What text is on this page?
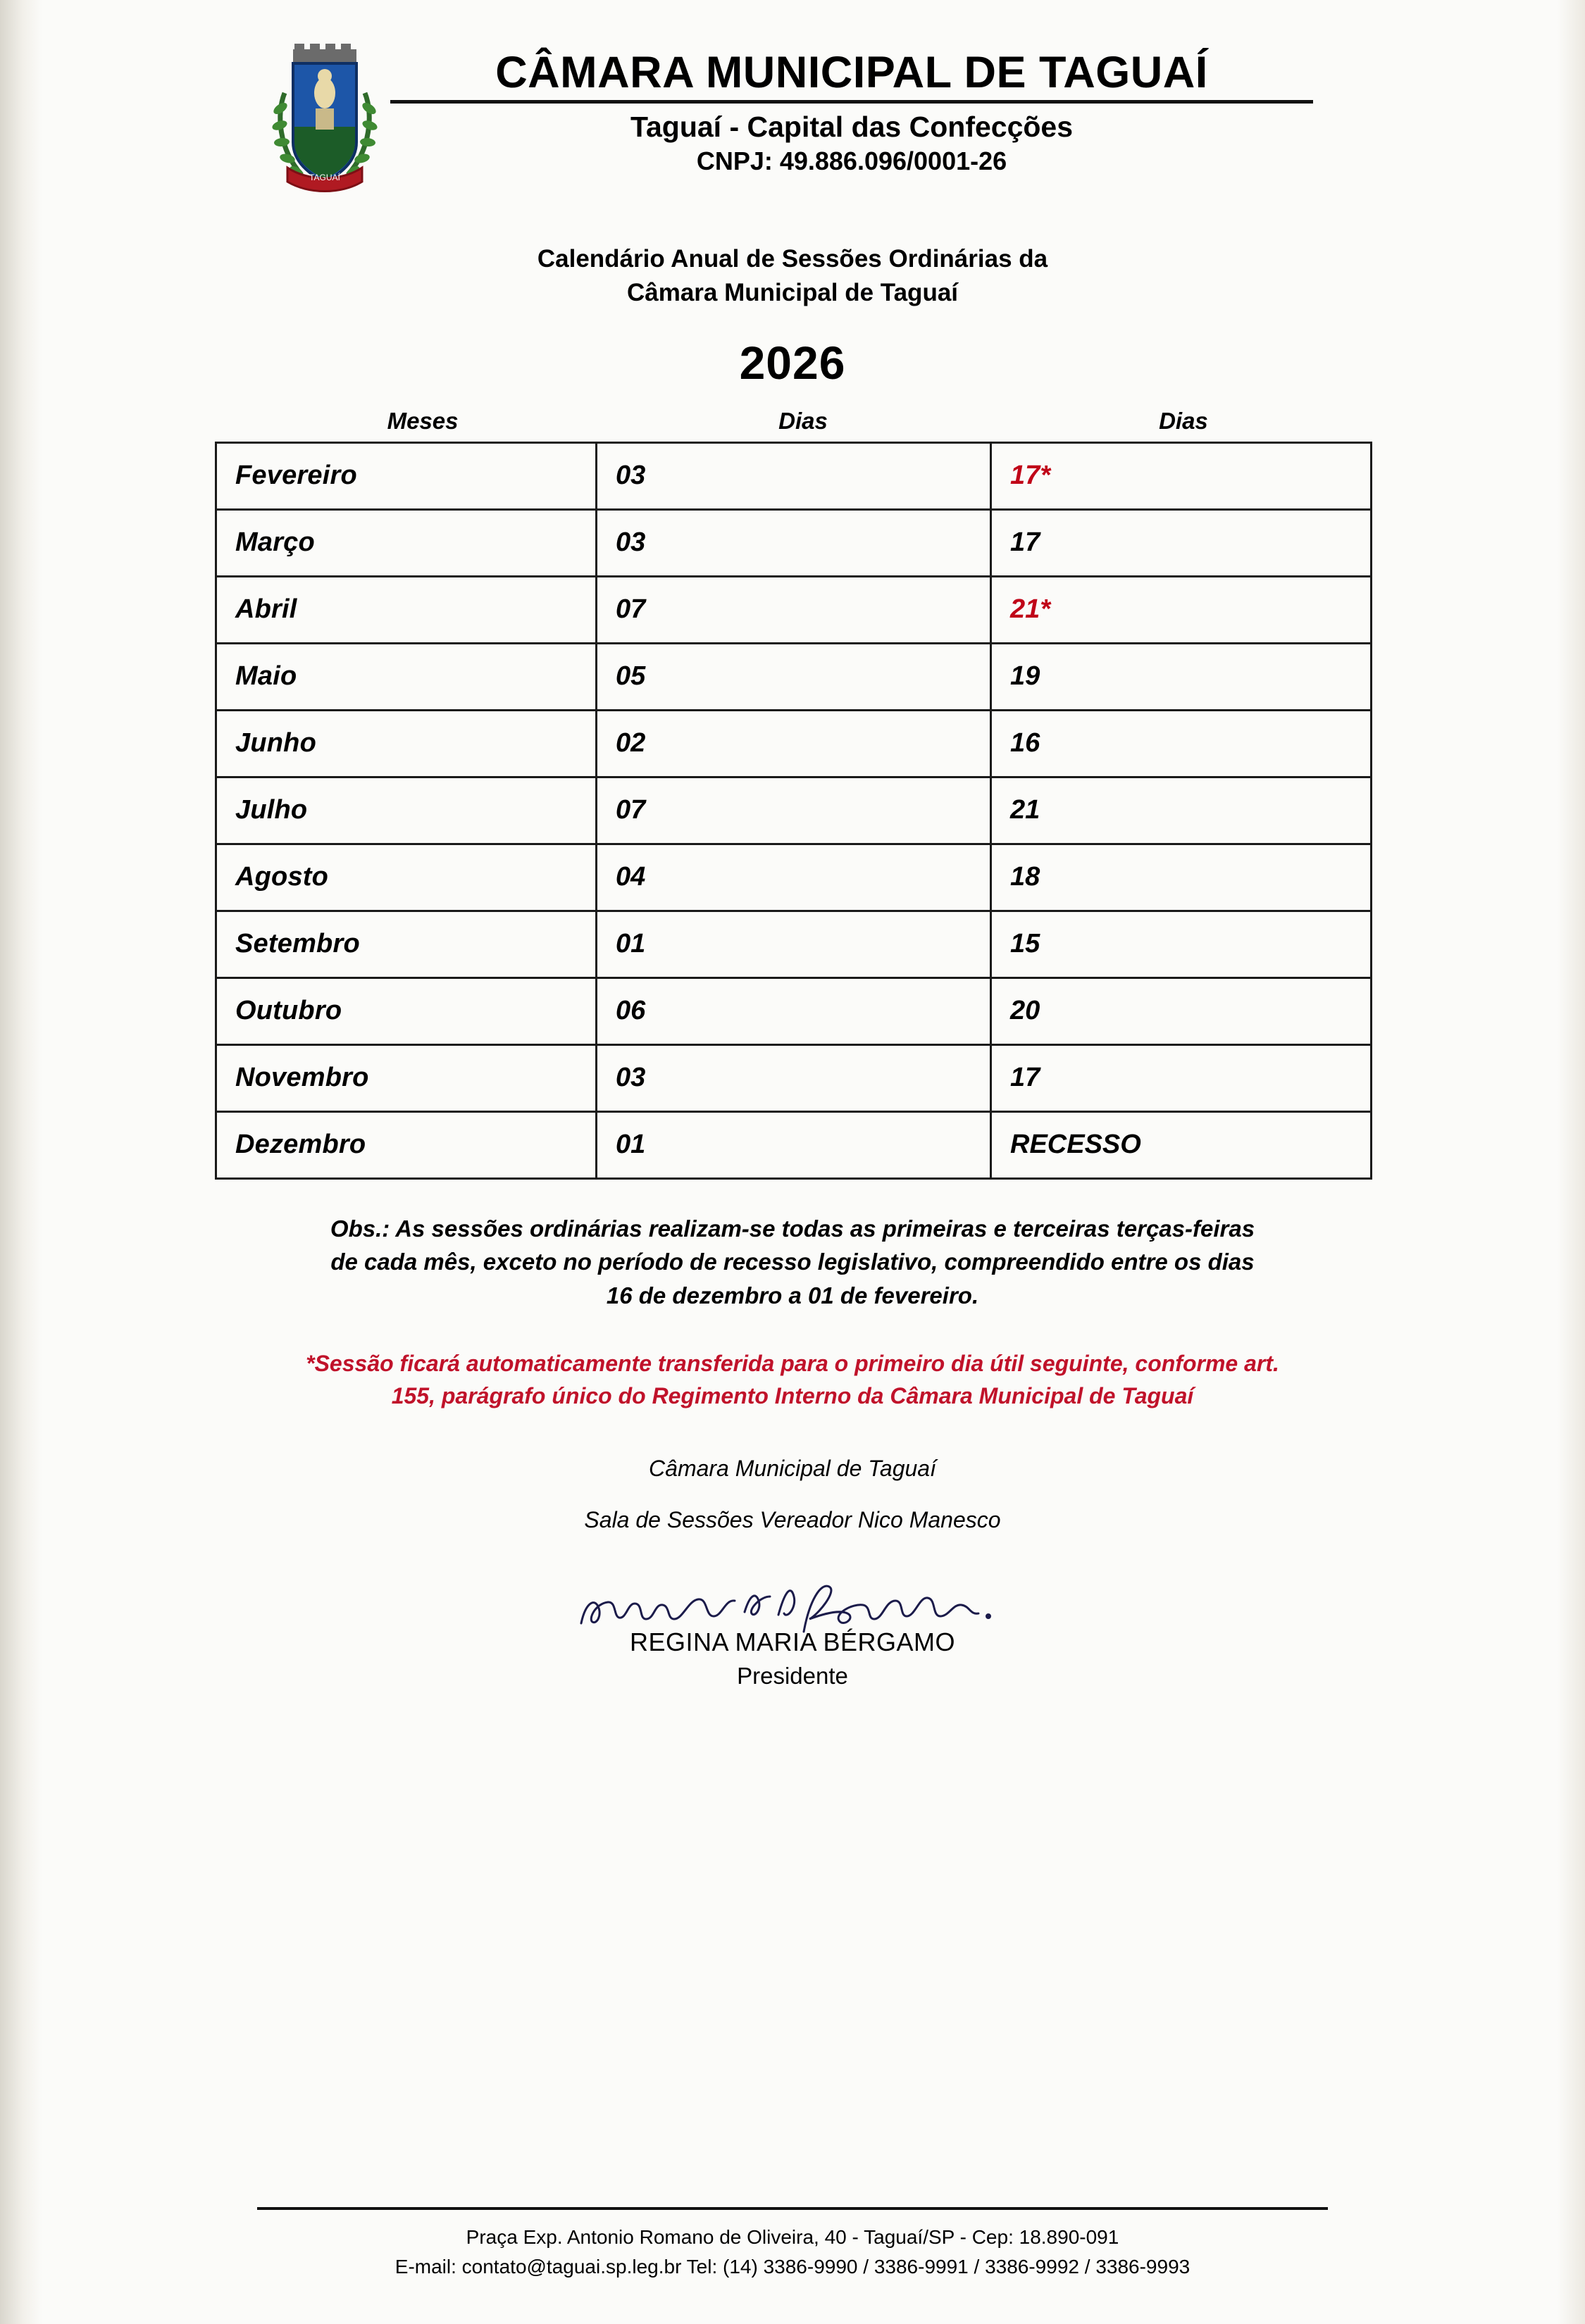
TAGUAÍ
CÂMARA MUNICIPAL DE TAGUAÍ
Taguaí - Capital das Confecções
CNPJ: 49.886.096/0001-26
Calendário Anual de Sessões Ordinárias da
Câmara Municipal de Taguaí
2026
Meses	Dias	Dias
Fevereiro	03	17*
Março	03	17
Abril	07	21*
Maio	05	19
Junho	02	16
Julho	07	21
Agosto	04	18
Setembro	01	15
Outubro	06	20
Novembro	03	17
Dezembro	01	RECESSO
Obs.: As sessões ordinárias realizam-se todas as primeiras e terceiras terças-feiras de cada mês, exceto no período de recesso legislativo, compreendido entre os dias 16 de dezembro a 01 de fevereiro.
*Sessão ficará automaticamente transferida para o primeiro dia útil seguinte, conforme art. 155, parágrafo único do Regimento Interno da Câmara Municipal de Taguaí
Câmara Municipal de Taguaí
Sala de Sessões Vereador Nico Manesco
REGINA MARIA BÉRGAMO
Presidente
Praça Exp. Antonio Romano de Oliveira, 40 - Taguaí/SP - Cep: 18.890-091
E-mail: contato@taguai.sp.leg.br Tel: (14) 3386-9990 / 3386-9991 / 3386-9992 / 3386-9993
